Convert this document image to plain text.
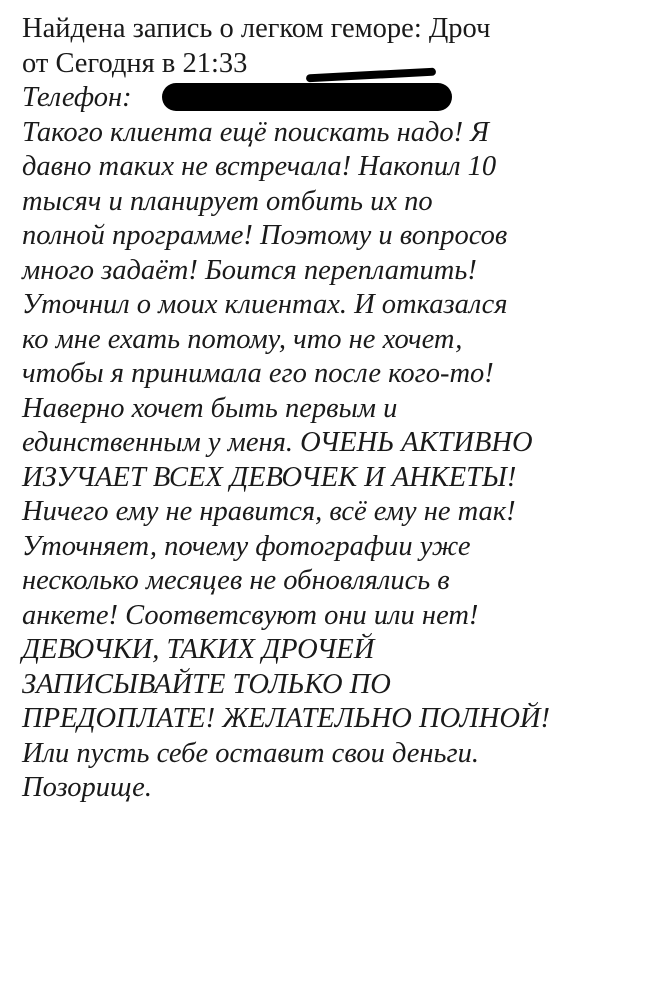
Найдена запись о легком геморе: Дроч
от Сегодня в 21:33
Телефон:
Такого клиента ещё поискать надо! Я
давно таких не встречала! Накопил 10
тысяч и планирует отбить их по
полной программе! Поэтому и вопросов
много задаёт! Боится переплатить!
Уточнил о моих клиентах. И отказался
ко мне ехать потому, что не хочет,
чтобы я принимала его после кого-то!
Наверно хочет быть первым и
единственным у меня. ОЧЕНЬ АКТИВНО
ИЗУЧАЕТ ВСЕХ ДЕВОЧЕК И АНКЕТЫ!
Ничего ему не нравится, всё ему не так!
Уточняет, почему фотографии уже
несколько месяцев не обновлялись в
анкете! Соответсвуют они или нет!
ДЕВОЧКИ, ТАКИХ ДРОЧЕЙ
ЗАПИСЫВАЙТЕ ТОЛЬКО ПО
ПРЕДОПЛАТЕ! ЖЕЛАТЕЛЬНО ПОЛНОЙ!
Или пусть себе оставит свои деньги.
Позорище.
